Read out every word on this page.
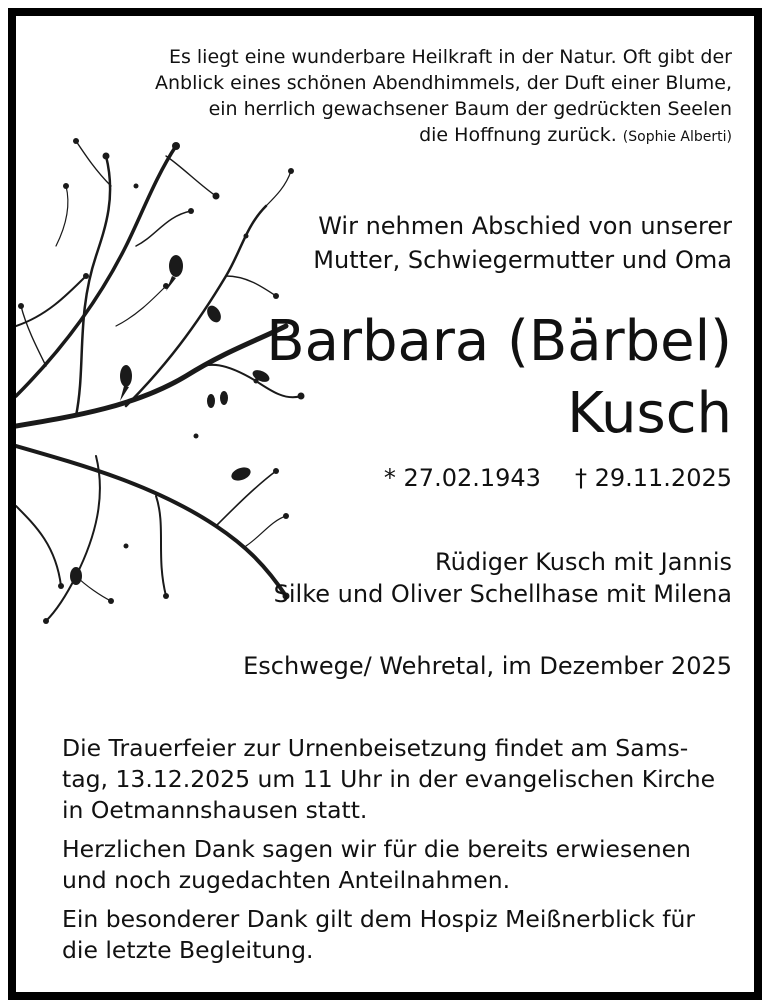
Es liegt eine wunderbare Heilkraft in der Natur. Oft gibt der
Anblick eines schönen Abendhimmels, der Duft einer Blume,
ein herrlich gewachsener Baum der gedrückten Seelen
die Hoffnung zurück. (Sophie Alberti)
Wir nehmen Abschied von unserer
Mutter, Schwiegermutter und Oma
Barbara (Bärbel)
Kusch
* 27.02.1943 † 29.11.2025
Rüdiger Kusch mit Jannis
Silke und Oliver Schellhase mit Milena
Eschwege/ Wehretal, im Dezember 2025

Die Trauerfeier zur Urnenbeisetzung findet am Sams-
tag, 13.12.2025 um 11 Uhr in der evangelischen Kirche
in Oetmannshausen statt.

Herzlichen Dank sagen wir für die bereits erwiesenen
und noch zugedachten Anteilnahmen.

Ein besonderer Dank gilt dem Hospiz Meißnerblick für
die letzte Begleitung.
